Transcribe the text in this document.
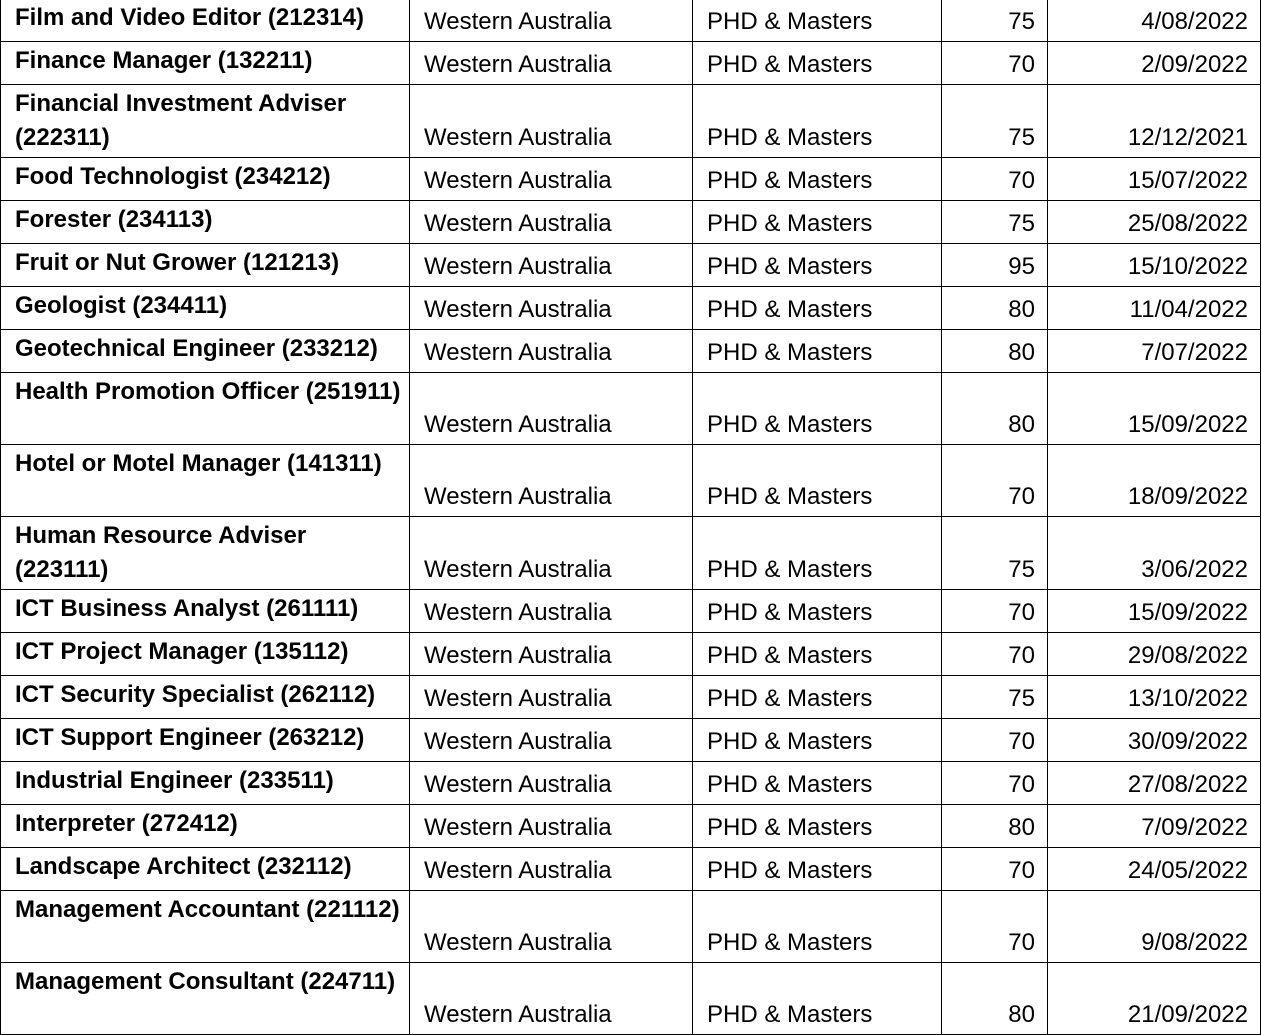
Film and Video Editor (212314)	Western Australia	PHD & Masters	75	4/08/2022
Finance Manager (132211)	Western Australia	PHD & Masters	70	2/09/2022
Financial Investment Adviser (222311)	Western Australia	PHD & Masters	75	12/12/2021
Food Technologist (234212)	Western Australia	PHD & Masters	70	15/07/2022
Forester (234113)	Western Australia	PHD & Masters	75	25/08/2022
Fruit or Nut Grower (121213)	Western Australia	PHD & Masters	95	15/10/2022
Geologist (234411)	Western Australia	PHD & Masters	80	11/04/2022
Geotechnical Engineer (233212)	Western Australia	PHD & Masters	80	7/07/2022
Health Promotion Officer (251911)	Western Australia	PHD & Masters	80	15/09/2022
Hotel or Motel Manager (141311)	Western Australia	PHD & Masters	70	18/09/2022
Human Resource Adviser (223111)	Western Australia	PHD & Masters	75	3/06/2022
ICT Business Analyst (261111)	Western Australia	PHD & Masters	70	15/09/2022
ICT Project Manager (135112)	Western Australia	PHD & Masters	70	29/08/2022
ICT Security Specialist (262112)	Western Australia	PHD & Masters	75	13/10/2022
ICT Support Engineer (263212)	Western Australia	PHD & Masters	70	30/09/2022
Industrial Engineer (233511)	Western Australia	PHD & Masters	70	27/08/2022
Interpreter (272412)	Western Australia	PHD & Masters	80	7/09/2022
Landscape Architect (232112)	Western Australia	PHD & Masters	70	24/05/2022
Management Accountant (221112)	Western Australia	PHD & Masters	70	9/08/2022
Management Consultant (224711)	Western Australia	PHD & Masters	80	21/09/2022
